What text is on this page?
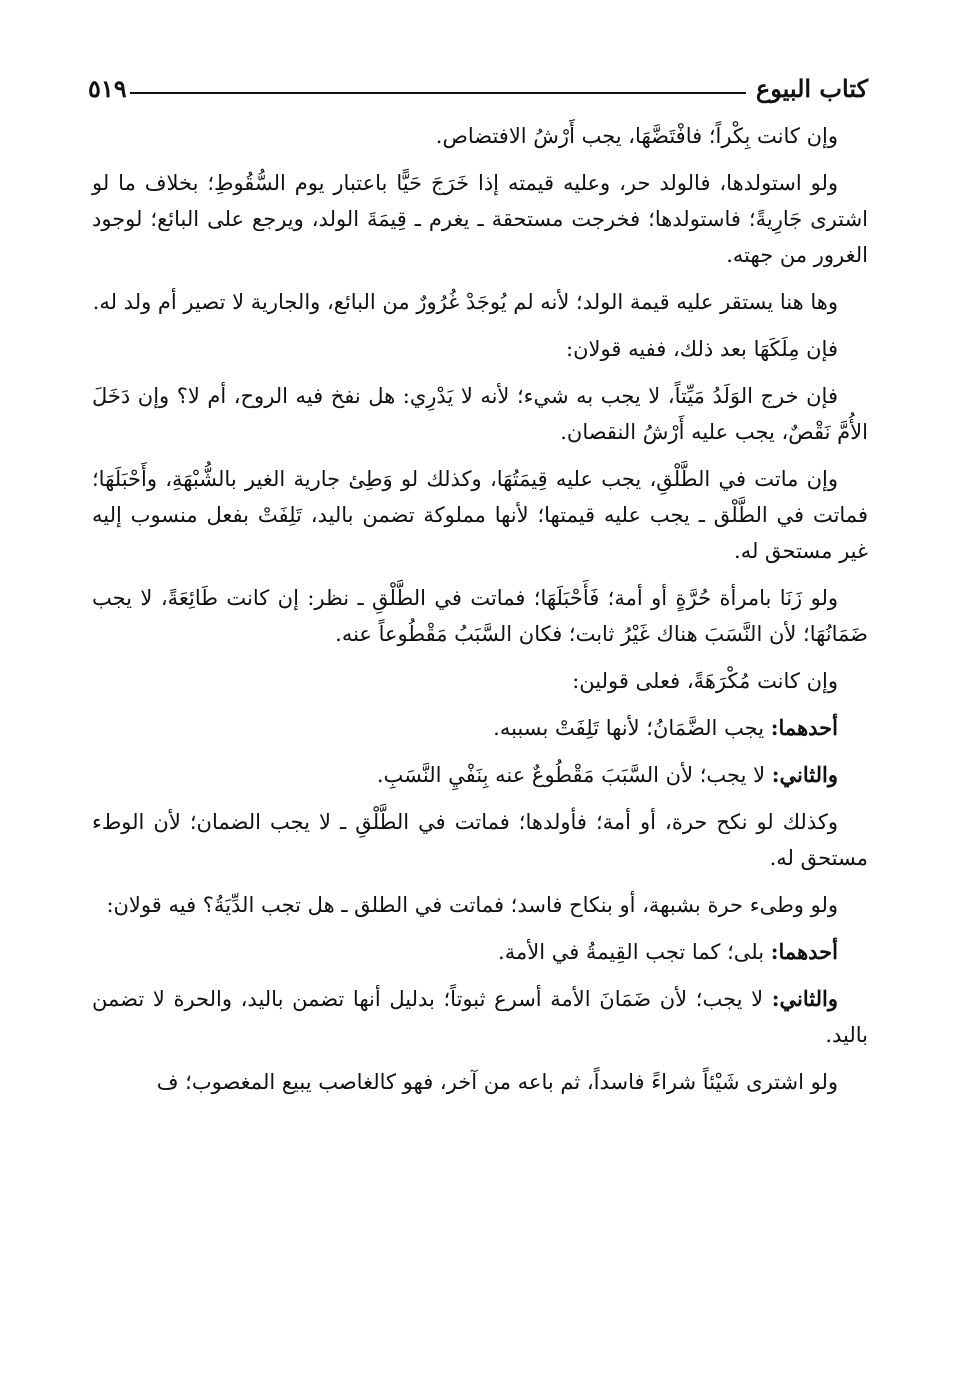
كتاب البيوع
٥١٩

وإن كانت بِكْراً؛ فافْتَضَّهَا، يجب أَرْشُ الافتضاص.

ولو استولدها، فالولد حر، وعليه قيمته إذا خَرَجَ حَيًّا باعتبار يوم السُّقُوطِ؛ بخلاف ما لو اشترى جَارِيةً؛ فاستولدها؛ فخرجت مستحقة ـ يغرم ـ قِيمَةَ الولد، ويرجع على البائع؛ لوجود الغرور من جهته.

وها هنا يستقر عليه قيمة الولد؛ لأنه لم يُوجَدْ غُرُورٌ من البائع، والجارية لا تصير أم ولد له.

فإن مِلَكَهَا بعد ذلك، ففيه قولان:

فإن خرج الوَلَدُ مَيِّتاً، لا يجب به شيء؛ لأنه لا يَدْرِي: هل نفخ فيه الروح، أم لا؟ وإن دَخَلَ الأُمَّ نَقْصٌ، يجب عليه أَرْشُ النقصان.

وإن ماتت في الطَّلْقِ، يجب عليه قِيمَتُهَا، وكذلك لو وَطِئ جارية الغير بالشُّبْهَةِ، وأَحْبَلَهَا؛ فماتت في الطَّلْق ـ يجب عليه قيمتها؛ لأنها مملوكة تضمن باليد، تَلِفَتْ بفعل منسوب إليه غير مستحق له.

ولو زَنَا بامرأة حُرَّةٍ أو أمة؛ فَأَحْبَلَهَا؛ فماتت في الطَّلْقِ ـ نظر: إن كانت طَائِعَةً، لا يجب ضَمَانُهَا؛ لأن النَّسَبَ هناك غَيْرُ ثابت؛ فكان السَّبَبُ مَقْطُوعاً عنه.

وإن كانت مُكْرَهَةً، فعلى قولين:

أحدهما: يجب الضَّمَانُ؛ لأنها تَلِفَتْ بسببه.

والثاني: لا يجب؛ لأن السَّبَبَ مَقْطُوعٌ عنه بِنَفْيِ النَّسَبِ.

وكذلك لو نكح حرة، أو أمة؛ فأولدها؛ فماتت في الطَّلْقِ ـ لا يجب الضمان؛ لأن الوطء مستحق له.

ولو وطىء حرة بشبهة، أو بنكاح فاسد؛ فماتت في الطلق ـ هل تجب الدِّيَةُ؟ فيه قولان:

أحدهما: بلى؛ كما تجب القِيمةُ في الأمة.

والثاني: لا يجب؛ لأن ضَمَانَ الأمة أسرع ثبوتاً؛ بدليل أنها تضمن باليد، والحرة لا تضمن باليد.

ولو اشترى شَيْئاً شراءً فاسداً، ثم باعه من آخر، فهو كالغاصب يبيع المغصوب؛ ف
